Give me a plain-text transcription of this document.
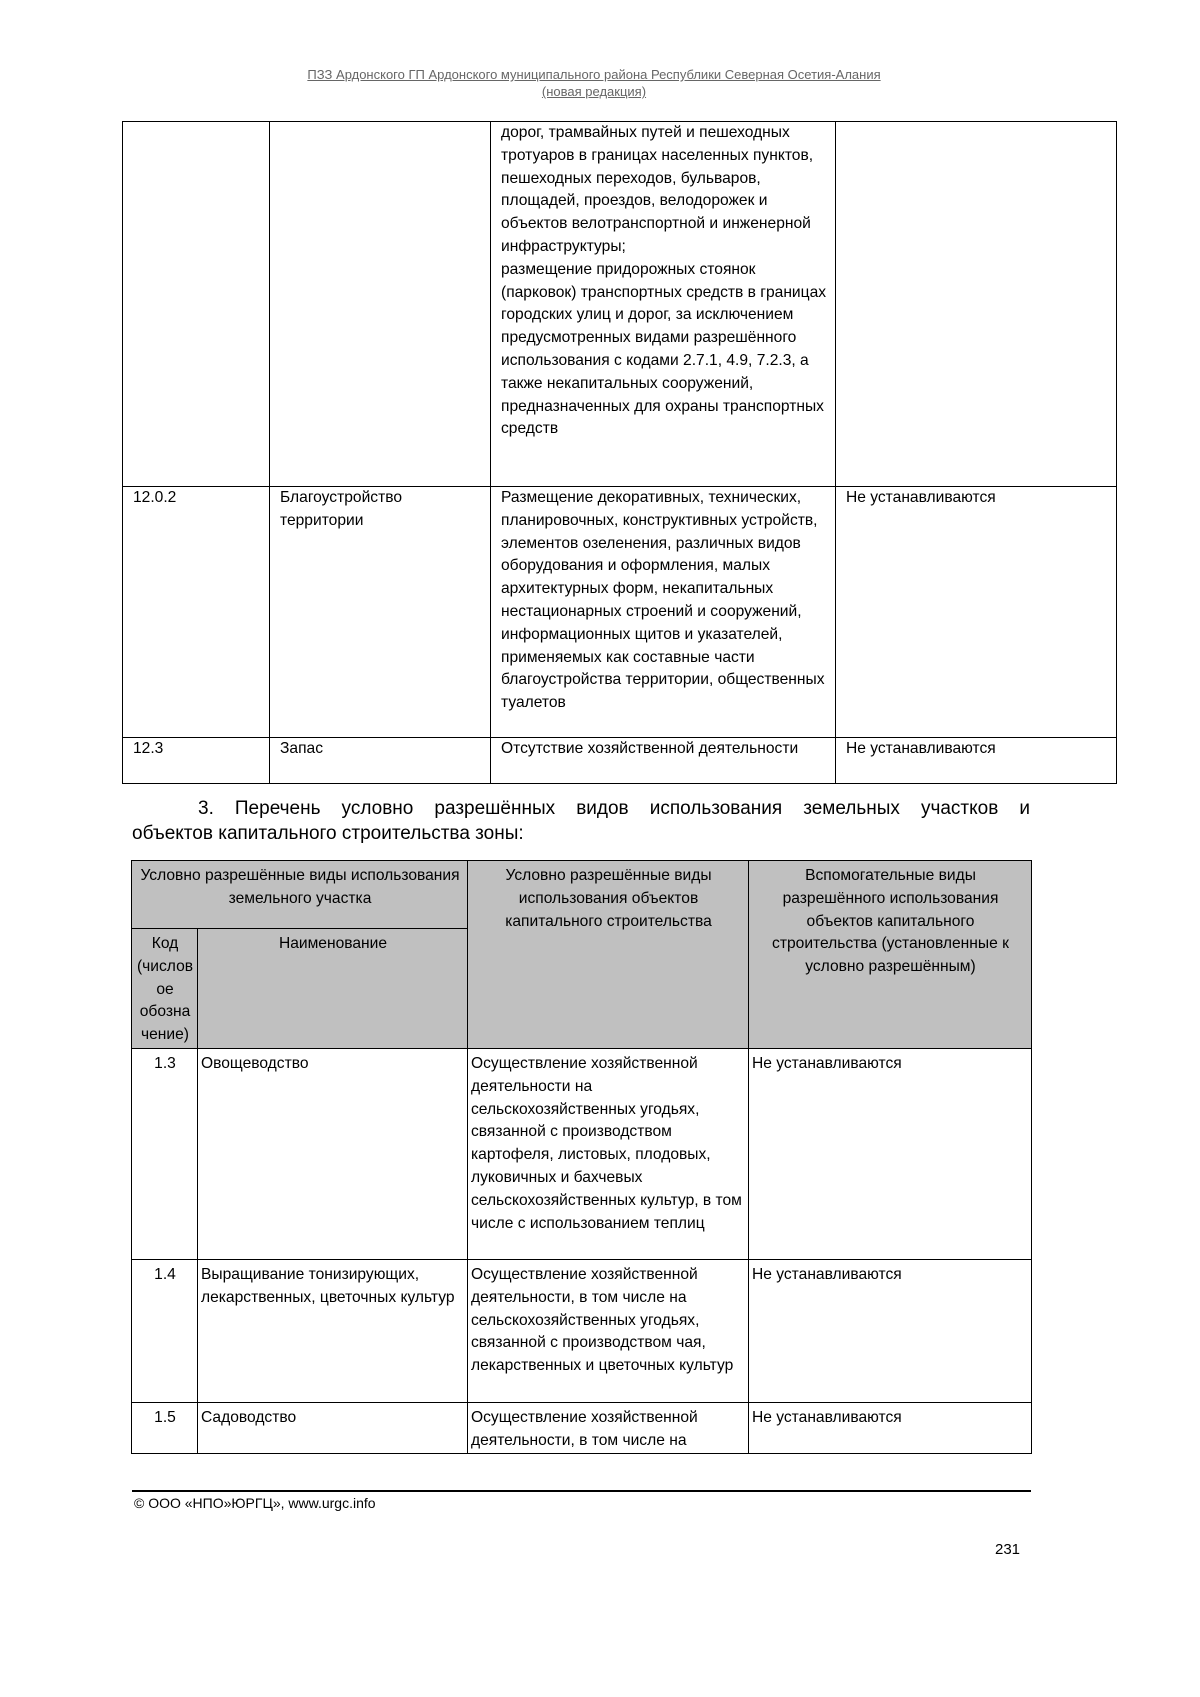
ПЗЗ Ардонского ГП Ардонского муниципального района Республики Северная Осетия-Алания
(новая редакция)
		дорог, трамвайных путей и пешеходных тротуаров в границах населенных пунктов, пешеходных переходов, бульваров, площадей, проездов, велодорожек и объектов велотранспортной и инженерной инфраструктуры;
размещение придорожных стоянок (парковок) транспортных средств в границах городских улиц и дорог, за исключением предусмотренных видами разрешённого использования с кодами 2.7.1, 4.9, 7.2.3, а также некапитальных сооружений, предназначенных для охраны транспортных средств	
12.0.2	Благоустройство территории	Размещение декоративных, технических, планировочных, конструктивных устройств, элементов озеленения, различных видов оборудования и оформления, малых архитектурных форм, некапитальных нестационарных строений и сооружений, информационных щитов и указателей, применяемых как составные части благоустройства территории, общественных туалетов	Не устанавливаются
12.3	Запас	Отсутствие хозяйственной деятельности	Не устанавливаются
3. Перечень условно разрешённых видов использования земельных участков и
объектов капитального строительства зоны:
Условно разрешённые виды использования земельного участка		Условно разрешённые виды использования объектов капитального строительства	Вспомогательные виды разрешённого использования объектов капитального строительства (установленные к условно разрешённым)

Код (числов ое обозна чение)	Наименование		

1.3	Овощеводство	Осуществление хозяйственной деятельности на сельскохозяйственных угодьях, связанной с производством картофеля, листовых, плодовых, луковичных и бахчевых сельскохозяйственных культур, в том числе с использованием теплиц	Не устанавливаются
1.4	Выращивание тонизирующих, лекарственных, цветочных культур	Осуществление хозяйственной деятельности, в том числе на сельскохозяйственных угодьях, связанной с производством чая, лекарственных и цветочных культур	Не устанавливаются
1.5	Садоводство	Осуществление хозяйственной деятельности, в том числе на	Не устанавливаются
© ООО «НПО»ЮРГЦ», www.urgc.info
231
